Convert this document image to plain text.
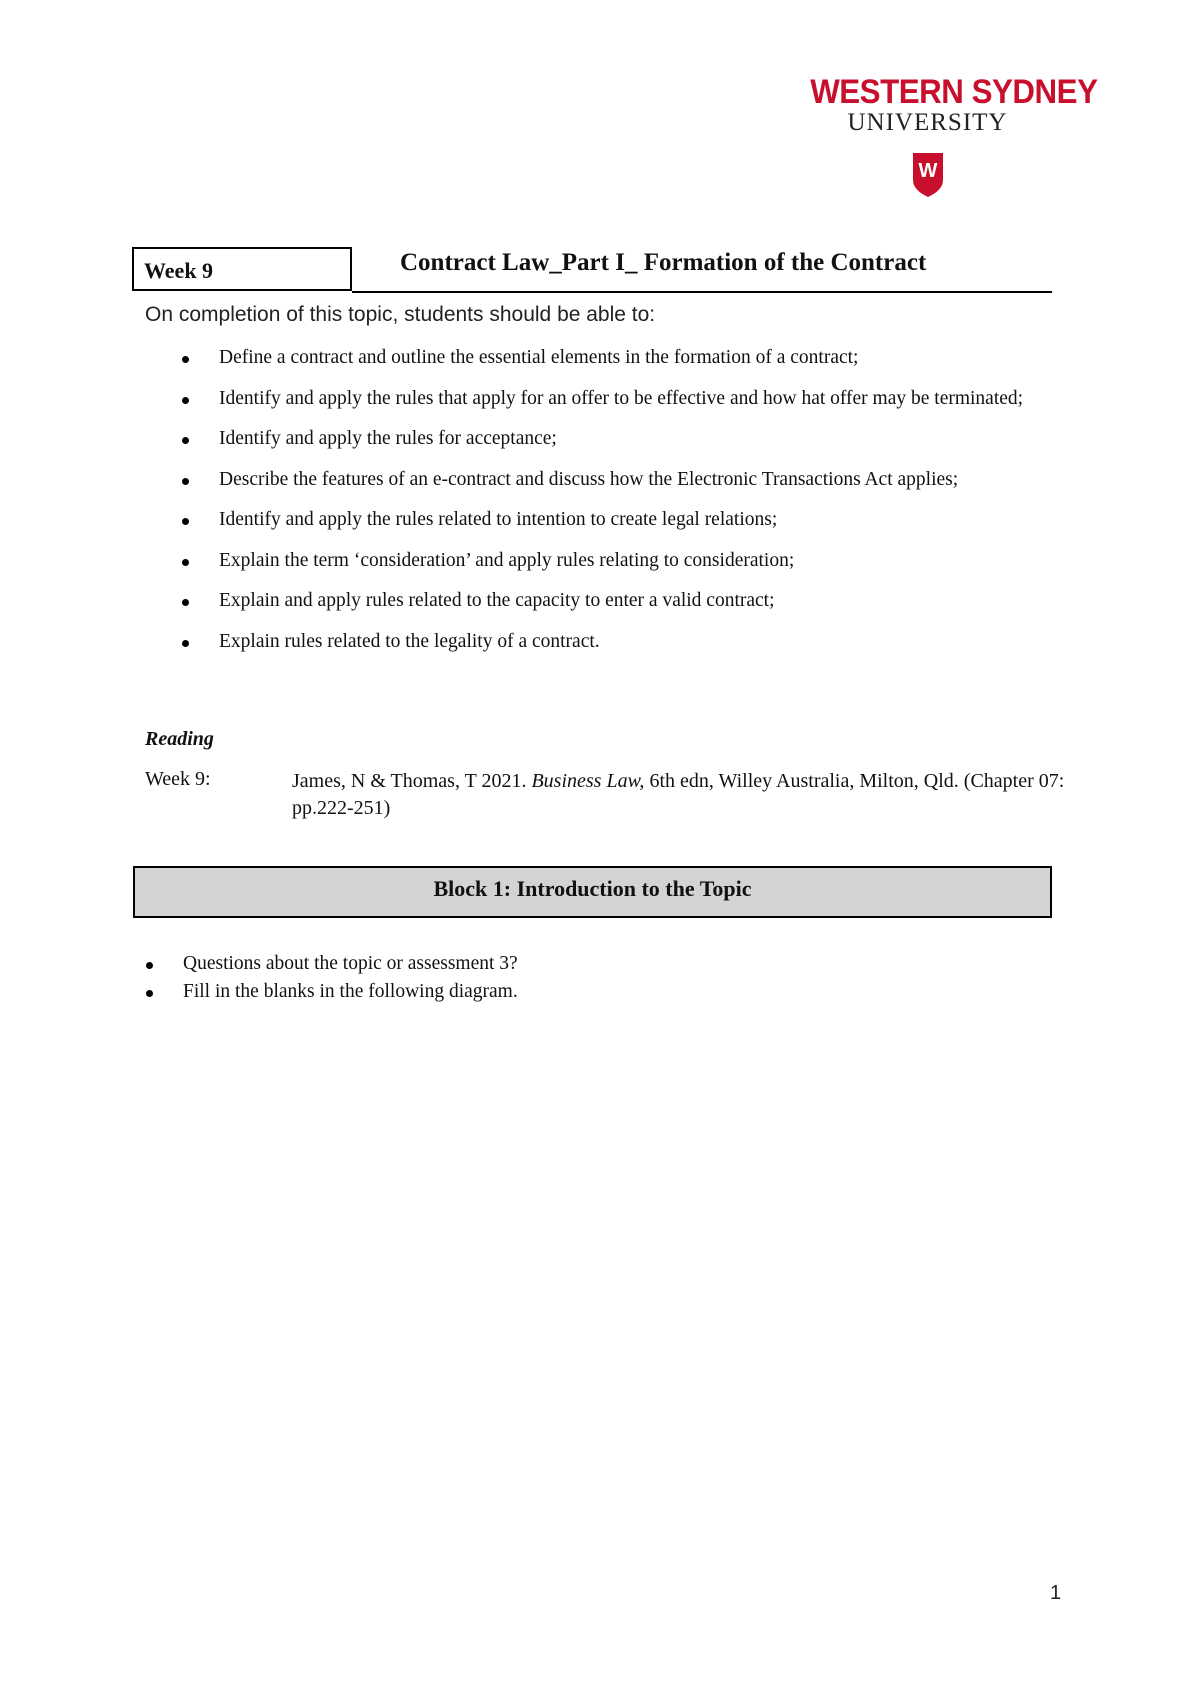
WESTERN SYDNEY
UNIVERSITY
W
Week 9	Contract Law_Part I_ Formation of the Contract
On completion of this topic, students should be able to:
Define a contract and outline the essential elements in the formation of a contract;
Identify and apply the rules that apply for an offer to be effective and how hat offer may be terminated;
Identify and apply the rules for acceptance;
Describe the features of an e-contract and discuss how the Electronic Transactions Act applies;
Identify and apply the rules related to intention to create legal relations;
Explain the term ‘consideration’ and apply rules relating to consideration;
Explain and apply rules related to the capacity to enter a valid contract;
Explain rules related to the legality of a contract.
Reading
Week 9:	James, N & Thomas, T 2021. Business Law, 6th edn, Willey Australia, Milton, Qld. (Chapter 07: pp.222-251)
Block 1: Introduction to the Topic
Questions about the topic or assessment 3?
Fill in the blanks in the following diagram.
1
